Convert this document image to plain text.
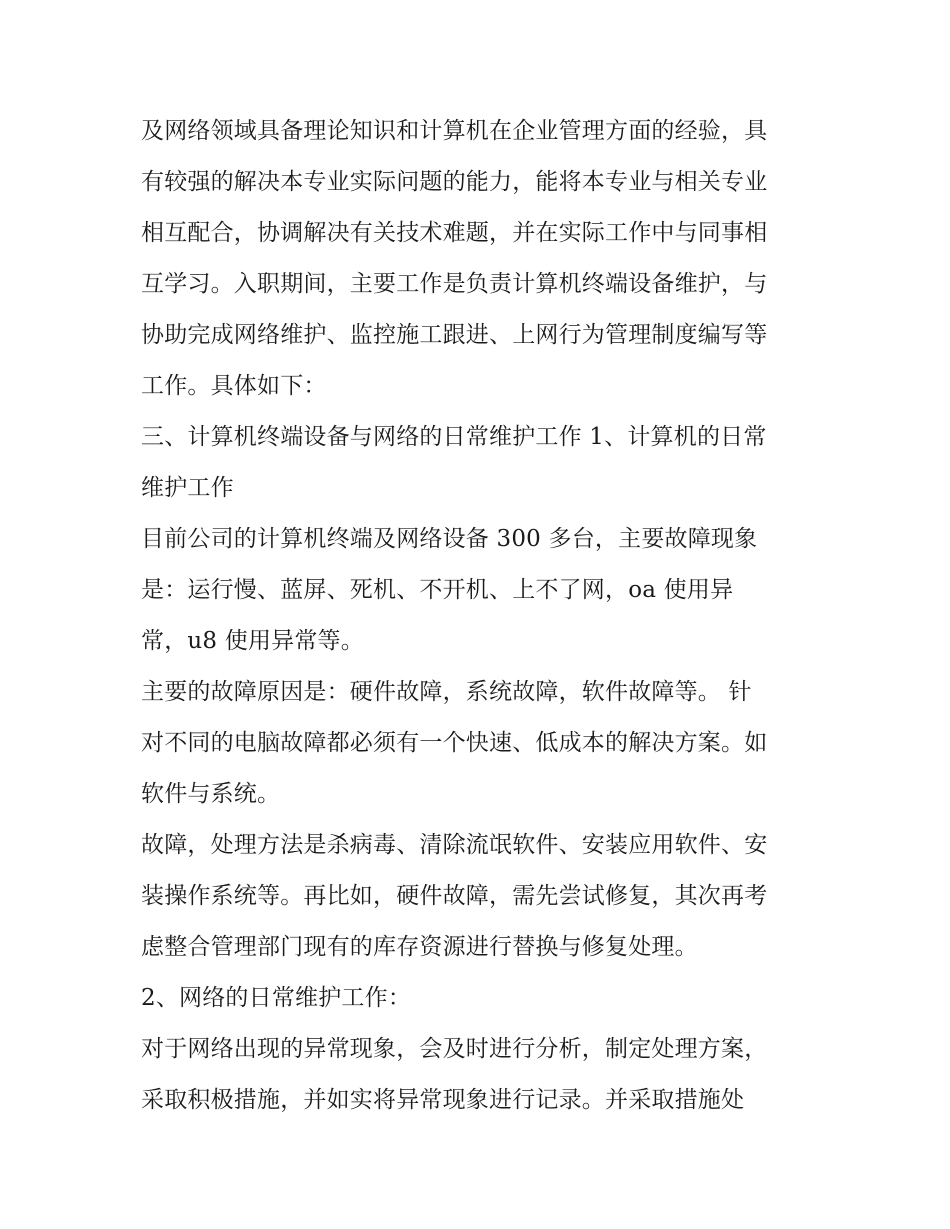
及网络领域具备理论知识和计算机在企业管理方面的经验，具
有较强的解决本专业实际问题的能力，能将本专业与相关专业
相互配合，协调解决有关技术难题，并在实际工作中与同事相
互学习。入职期间，主要工作是负责计算机终端设备维护，与
协助完成网络维护、监控施工跟进、上网行为管理制度编写等
工作。具体如下：
三、计算机终端设备与网络的日常维护工作 1、计算机的日常
维护工作
目前公司的计算机终端及网络设备 300 多台，主要故障现象
是：运行慢、蓝屏、死机、不开机、上不了网，oa 使用异
常，u8 使用异常等。
主要的故障原因是：硬件故障，系统故障，软件故障等。 针
对不同的电脑故障都必须有一个快速、低成本的解决方案。如
软件与系统。
故障，处理方法是杀病毒、清除流氓软件、安装应用软件、安
装操作系统等。再比如，硬件故障，需先尝试修复，其次再考
虑整合管理部门现有的库存资源进行替换与修复处理。
2、网络的日常维护工作：
对于网络出现的异常现象，会及时进行分析，制定处理方案，
采取积极措施，并如实将异常现象进行记录。并采取措施处
